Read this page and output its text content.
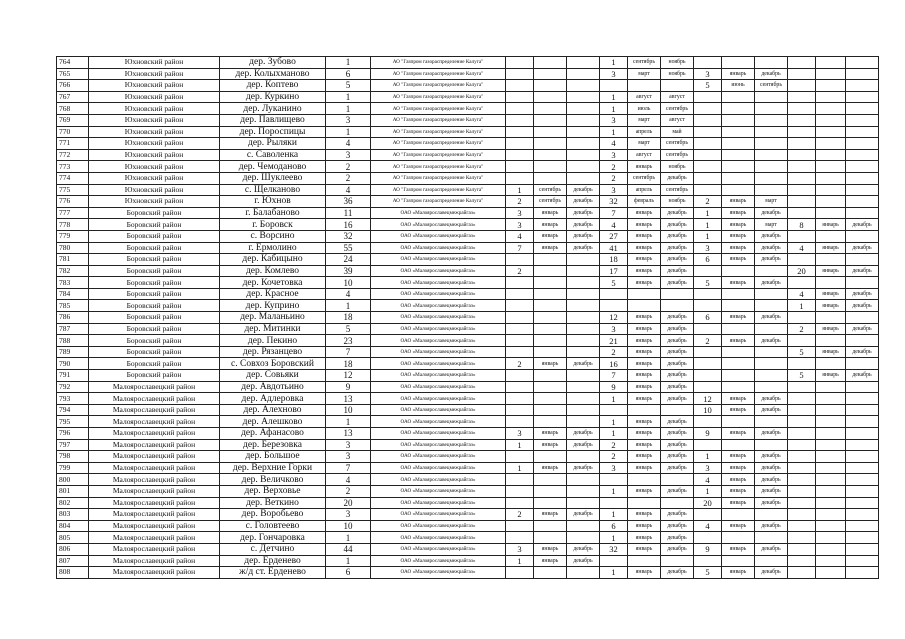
764	Юхновский район	дер. Зубово	1	АО "Газпром газораспределение Калуга"				1	сентябрь	ноябрь						
765	Юхновский район	дер. Колыхманово	6	АО "Газпром газораспределение Калуга"				3	март	ноябрь	3	январь	декабрь			
766	Юхновский район	дер. Коптево	5	АО "Газпром газораспределение Калуга"							5	июнь	сентябрь			
767	Юхновский район	дер. Куркино	1	АО "Газпром газораспределение Калуга"				1	август	август						
768	Юхновский район	дер. Луканино	1	АО "Газпром газораспределение Калуга"				1	июль	сентябрь						
769	Юхновский район	дер. Павлищево	3	АО "Газпром газораспределение Калуга"				3	март	август						
770	Юхновский район	дер. Пороспицы	1	АО "Газпром газораспределение Калуга"				1	апрель	май						
771	Юхновский район	дер. Рыляки	4	АО "Газпром газораспределение Калуга"				4	март	сентябрь						
772	Юхновский район	с. Саволенка	3	АО "Газпром газораспределение Калуга"				3	август	сентябрь						
773	Юхновский район	дер. Чемоданово	2	АО "Газпром газораспределение Калуга"				2	январь	ноябрь						
774	Юхновский район	дер. Шуклеево	2	АО "Газпром газораспределение Калуга"				2	сентябрь	декабрь						
775	Юхновский район	с. Щелканово	4	АО "Газпром газораспределение Калуга"	1	сентябрь	декабрь	3	апрель	сентябрь						
776	Юхновский район	г. Юхнов	36	АО "Газпром газораспределение Калуга"	2	сентябрь	декабрь	32	февраль	ноябрь	2	январь	март			
777	Боровский район	г. Балабаново	11	ОАО «Малоярославецмежрайгаз»	3	январь	декабрь	7	январь	декабрь	1	январь	декабрь			
778	Боровский район	г. Боровск	16	ОАО «Малоярославецмежрайгаз»	3	январь	декабрь	4	январь	декабрь	1	январь	март	8	январь	декабрь
779	Боровский район	с. Ворсино	32	ОАО «Малоярославецмежрайгаз»	4	январь	декабрь	27	январь	декабрь	1	январь	декабрь			
780	Боровский район	г. Ермолино	55	ОАО «Малоярославецмежрайгаз»	7	январь	декабрь	41	январь	декабрь	3	январь	декабрь	4	январь	декабрь
781	Боровский район	дер. Кабицыно	24	ОАО «Малоярославецмежрайгаз»				18	январь	декабрь	6	январь	декабрь			
782	Боровский район	дер. Комлево	39	ОАО «Малоярославецмежрайгаз»	2			17	январь	декабрь				20	январь	декабрь
783	Боровский район	дер. Кочетовка	10	ОАО «Малоярославецмежрайгаз»				5	январь	декабрь	5	январь	декабрь			
784	Боровский район	дер. Красное	4	ОАО «Малоярославецмежрайгаз»										4	январь	декабрь
785	Боровский район	дер. Куприно	1	ОАО «Малоярославецмежрайгаз»										1	январь	декабрь
786	Боровский район	дер. Маланьино	18	ОАО «Малоярославецмежрайгаз»				12	январь	декабрь	6	январь	декабрь			
787	Боровский район	дер. Митинки	5	ОАО «Малоярославецмежрайгаз»				3	январь	декабрь				2	январь	декабрь
788	Боровский район	дер. Пекино	23	ОАО «Малоярославецмежрайгаз»				21	январь	декабрь	2	январь	декабрь			
789	Боровский район	дер. Рязанцево	7	ОАО «Малоярославецмежрайгаз»				2	январь	декабрь				5	январь	декабрь
790	Боровский район	с. Совхоз Боровский	18	ОАО «Малоярославецмежрайгаз»	2	январь	декабрь	16	январь	декабрь						
791	Боровский район	дер. Совьяки	12	ОАО «Малоярославецмежрайгаз»				7	январь	декабрь				5	январь	декабрь
792	Малоярославецкий район	дер. Авдотьино	9	ОАО «Малоярославецмежрайгаз»				9	январь	декабрь						
793	Малоярославецкий район	дер. Адлеровка	13	ОАО «Малоярославецмежрайгаз»				1	январь	декабрь	12	январь	декабрь			
794	Малоярославецкий район	дер. Алехново	10	ОАО «Малоярославецмежрайгаз»							10	январь	декабрь			
795	Малоярославецкий район	дер. Алешково	1	ОАО «Малоярославецмежрайгаз»				1	январь	декабрь						
796	Малоярославецкий район	дер. Афанасово	13	ОАО «Малоярославецмежрайгаз»	3	январь	декабрь	1	январь	декабрь	9	январь	декабрь			
797	Малоярославецкий район	дер. Березовка	3	ОАО «Малоярославецмежрайгаз»	1	январь	декабрь	2	январь	декабрь						
798	Малоярославецкий район	дер. Большое	3	ОАО «Малоярославецмежрайгаз»				2	январь	декабрь	1	январь	декабрь			
799	Малоярославецкий район	дер. Верхние Горки	7	ОАО «Малоярославецмежрайгаз»	1	январь	декабрь	3	январь	декабрь	3	январь	декабрь			
800	Малоярославецкий район	дер. Величково	4	ОАО «Малоярославецмежрайгаз»							4	январь	декабрь			
801	Малоярославецкий район	дер. Верховье	2	ОАО «Малоярославецмежрайгаз»				1	январь	декабрь	1	январь	декабрь			
802	Малоярославецкий район	дер. Веткино	20	ОАО «Малоярославецмежрайгаз»							20	январь	декабрь			
803	Малоярославецкий район	дер. Воробьево	3	ОАО «Малоярославецмежрайгаз»	2	январь	декабрь	1	январь	декабрь						
804	Малоярославецкий район	с. Головтеево	10	ОАО «Малоярославецмежрайгаз»				6	январь	декабрь	4	январь	декабрь			
805	Малоярославецкий район	дер. Гончаровка	1	ОАО «Малоярославецмежрайгаз»				1	январь	декабрь						
806	Малоярославецкий район	с. Детчино	44	ОАО «Малоярославецмежрайгаз»	3	январь	декабрь	32	январь	декабрь	9	январь	декабрь			
807	Малоярославецкий район	дер. Ерденево	1	ОАО «Малоярославецмежрайгаз»	1	январь	декабрь									
808	Малоярославецкий район	ж/д ст. Ерденево	6	ОАО «Малоярославецмежрайгаз»				1	январь	декабрь	5	январь	декабрь			
